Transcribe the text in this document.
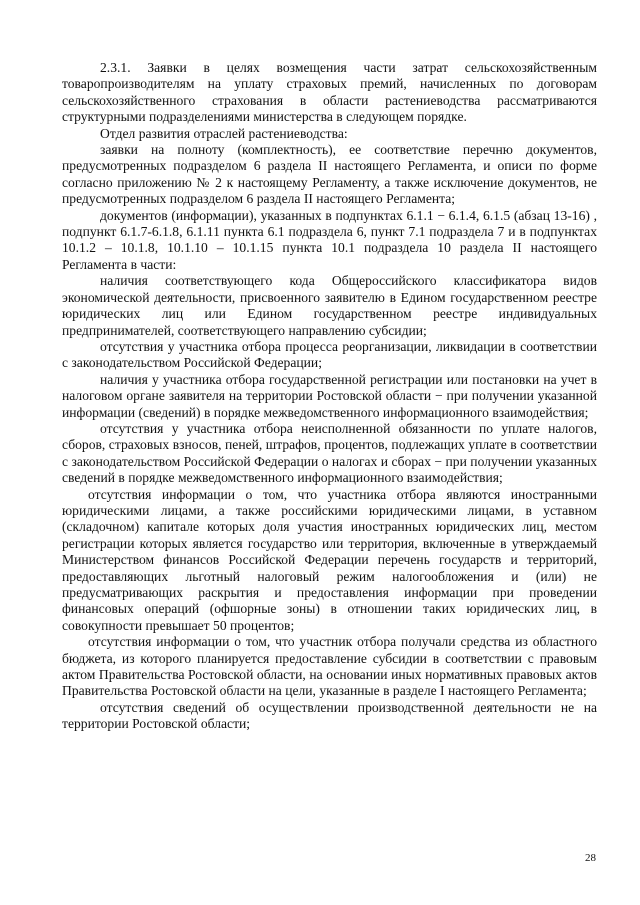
2.3.1. Заявки в целях возмещения части затрат сельскохозяйственным товаропроизводителям на уплату страховых премий, начисленных по договорам сельскохозяйственного страхования в области растениеводства рассматриваются структурными подразделениями министерства в следующем порядке.

Отдел развития отраслей растениеводства:

заявки на полноту (комплектность), ее соответствие перечню документов, предусмотренных подразделом 6 раздела II настоящего Регламента, и описи по форме согласно приложению № 2 к настоящему Регламенту, а также исключение документов, не предусмотренных подразделом 6 раздела II настоящего Регламента;

документов (информации), указанных в подпунктах 6.1.1 − 6.1.4, 6.1.5 (абзац 13-16) , подпункт 6.1.7-6.1.8, 6.1.11 пункта 6.1 подраздела 6, пункт 7.1 подраздела 7 и в подпунктах 10.1.2 – 10.1.8, 10.1.10 – 10.1.15 пункта 10.1 подраздела 10 раздела II настоящего Регламента в части:

наличия соответствующего кода Общероссийского классификатора видов экономической деятельности, присвоенного заявителю в Едином государственном реестре юридических лиц или Едином государственном реестре индивидуальных предпринимателей, соответствующего направлению субсидии;

отсутствия у участника отбора процесса реорганизации, ликвидации в соответствии с законодательством Российской Федерации;

наличия у участника отбора государственной регистрации или постановки на учет в налоговом органе заявителя на территории Ростовской области − при получении указанной информации (сведений) в порядке межведомственного информационного взаимодействия;

отсутствия у участника отбора неисполненной обязанности по уплате налогов, сборов, страховых взносов, пеней, штрафов, процентов, подлежащих уплате в соответствии с законодательством Российской Федерации о налогах и сборах − при получении указанных сведений в порядке межведомственного информационного взаимодействия;

отсутствия информации о том, что участника отбора являются иностранными юридическими лицами, а также российскими юридическими лицами, в уставном (складочном) капитале которых доля участия иностранных юридических лиц, местом регистрации которых является государство или территория, включенные в утверждаемый Министерством финансов Российской Федерации перечень государств и территорий, предоставляющих льготный налоговый режим налогообложения и (или) не предусматривающих раскрытия и предоставления информации при проведении финансовых операций (офшорные зоны) в отношении таких юридических лиц, в совокупности превышает 50 процентов;

отсутствия информации о том, что участник отбора получали средства из областного бюджета, из которого планируется предоставление субсидии в соответствии с правовым актом Правительства Ростовской области, на основании иных нормативных правовых актов Правительства Ростовской области на цели, указанные в разделе I настоящего Регламента;

отсутствия сведений об осуществлении производственной деятельности не на территории Ростовской области;

28
